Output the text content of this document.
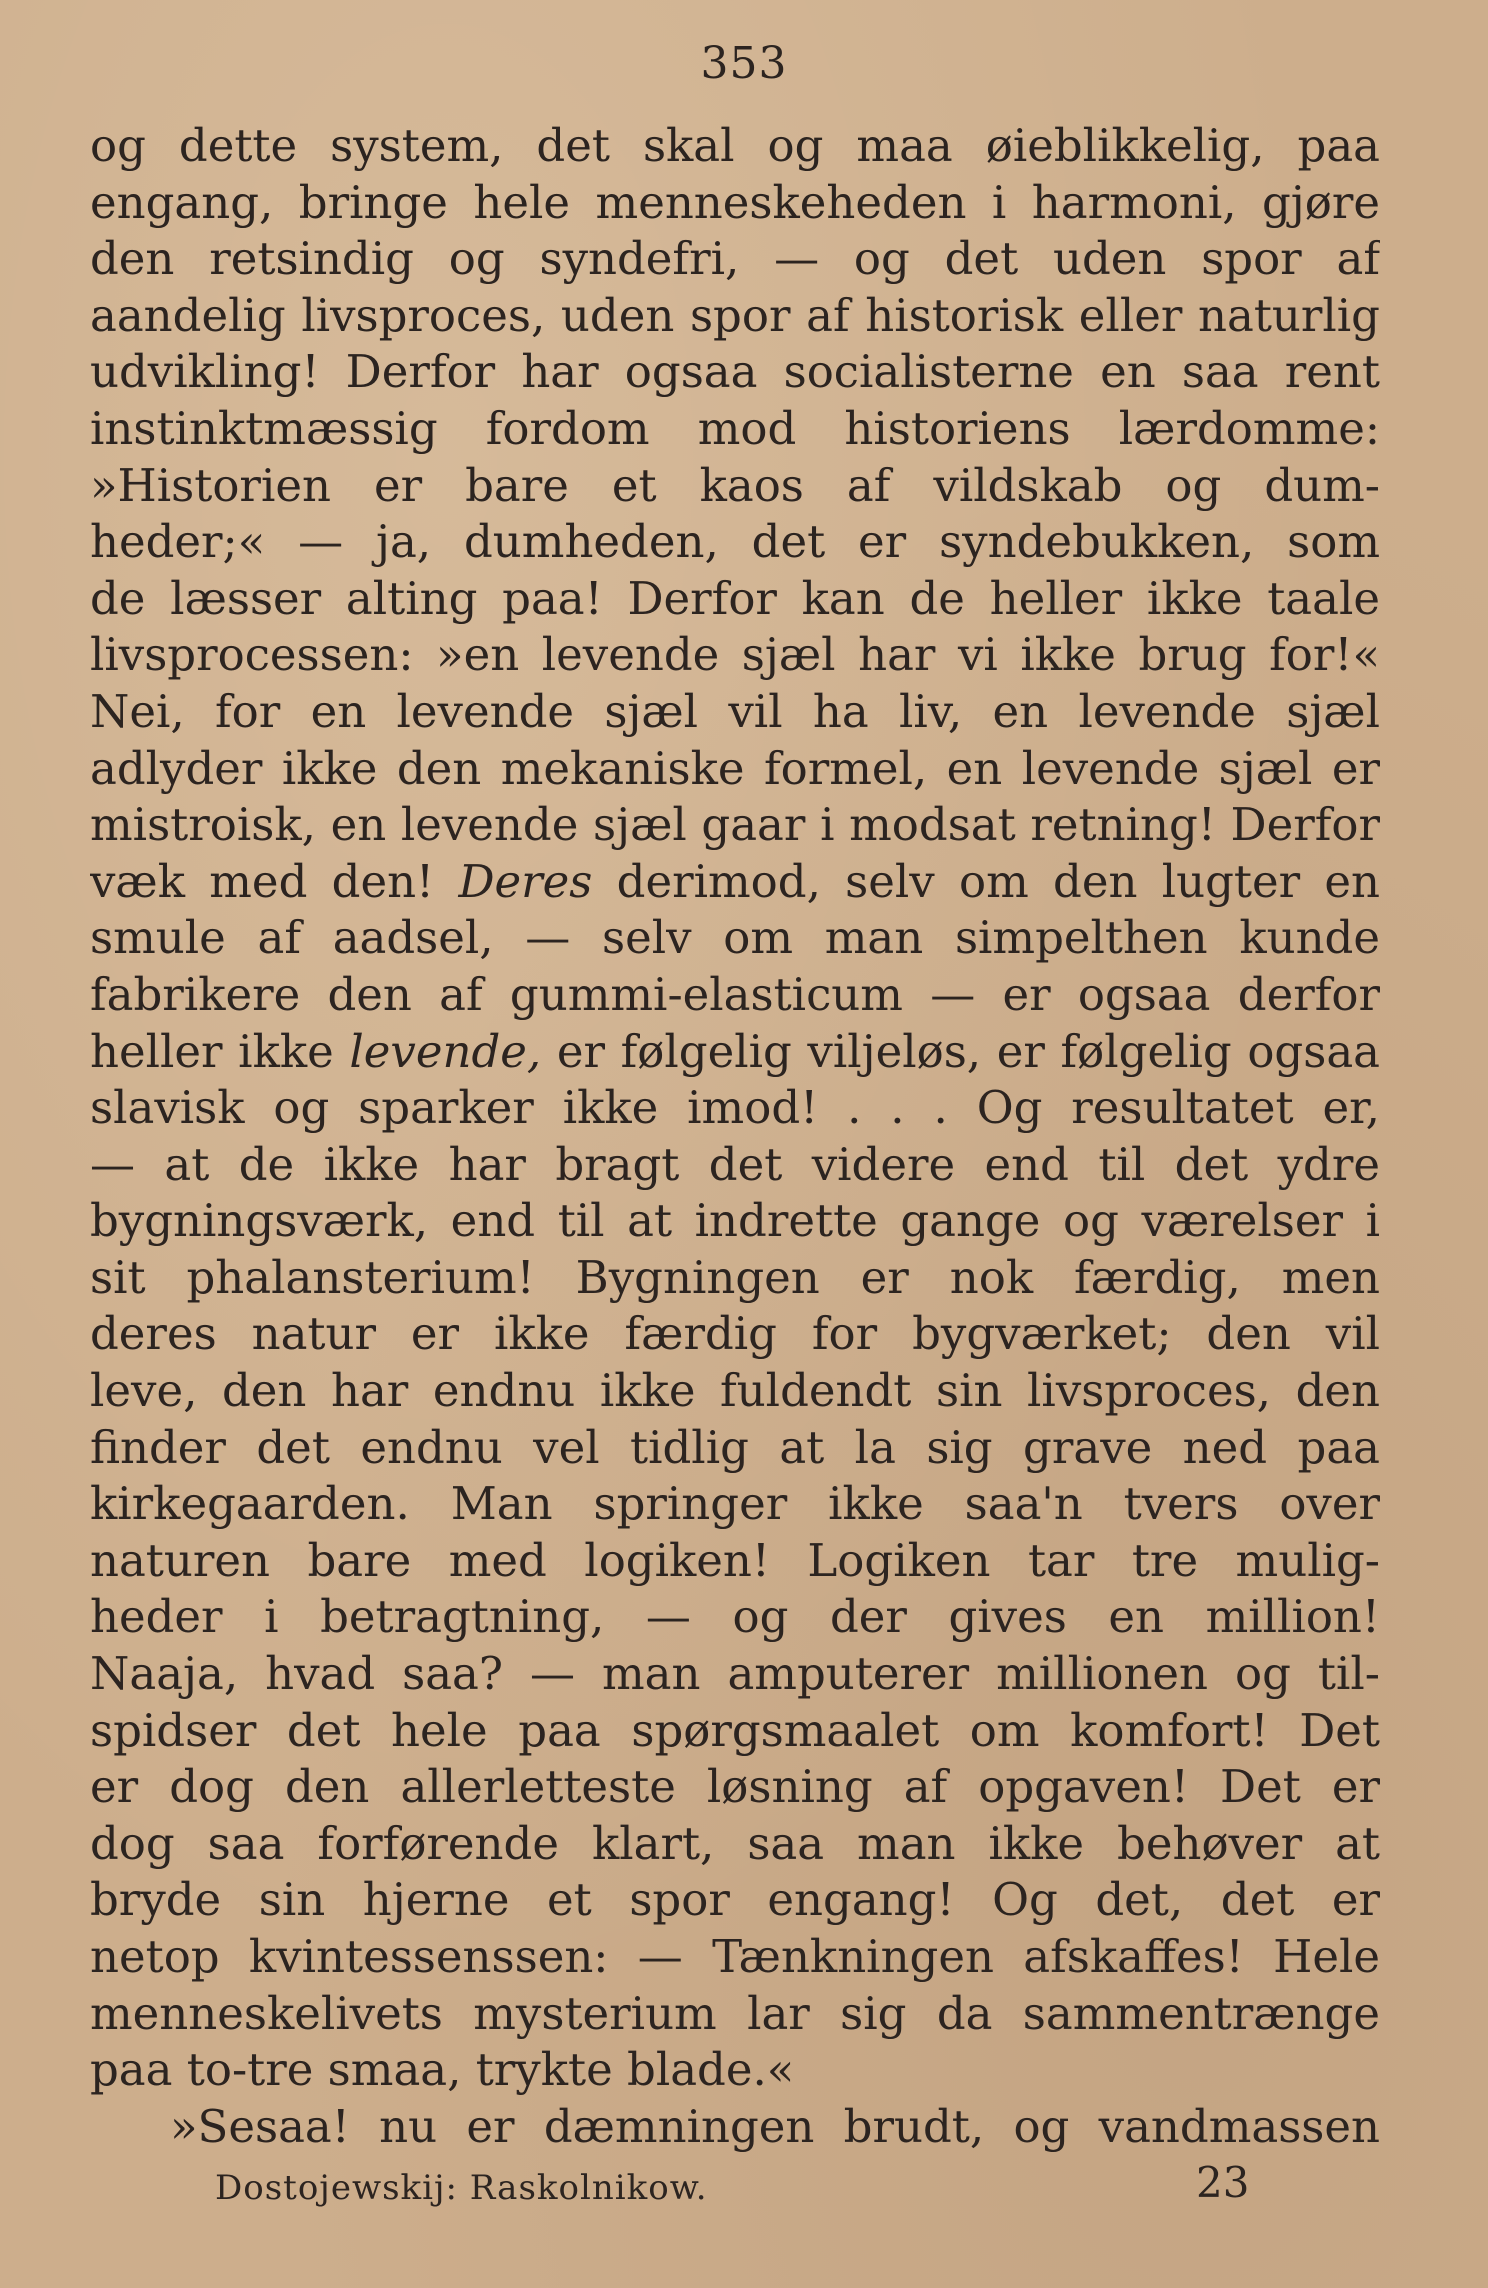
353
og dette system, det skal og maa øieblikkelig, paa
engang, bringe hele menneskeheden i harmoni, gjøre
den retsindig og syndefri, — og det uden spor af
aandelig livsproces, uden spor af historisk eller naturlig
udvikling! Derfor har ogsaa socialisterne en saa rent
instinktmæssig fordom mod historiens lærdomme:
»Historien er bare et kaos af vildskab og dum-
heder;« — ja, dumheden, det er syndebukken, som
de læsser alting paa! Derfor kan de heller ikke taale
livsprocessen: »en levende sjæl har vi ikke brug for!«
Nei, for en levende sjæl vil ha liv, en levende sjæl
adlyder ikke den mekaniske formel, en levende sjæl er
mistroisk, en levende sjæl gaar i modsat retning! Derfor
væk med den! Deres derimod, selv om den lugter en
smule af aadsel, — selv om man simpelthen kunde
fabrikere den af gummi-elasticum — er ogsaa derfor
heller ikke levende, er følgelig viljeløs, er følgelig ogsaa
slavisk og sparker ikke imod! . . . Og resultatet er,
— at de ikke har bragt det videre end til det ydre
bygningsværk, end til at indrette gange og værelser i
sit phalansterium! Bygningen er nok færdig, men
deres natur er ikke færdig for bygværket; den vil
leve, den har endnu ikke fuldendt sin livsproces, den
finder det endnu vel tidlig at la sig grave ned paa
kirkegaarden. Man springer ikke saa'n tvers over
naturen bare med logiken! Logiken tar tre mulig-
heder i betragtning, — og der gives en million!
Naaja, hvad saa? — man amputerer millionen og til-
spidser det hele paa spørgsmaalet om komfort! Det
er dog den allerletteste løsning af opgaven! Det er
dog saa forførende klart, saa man ikke behøver at
bryde sin hjerne et spor engang! Og det, det er
netop kvintessenssen: — Tænkningen afskaffes! Hele
menneskelivets mysterium lar sig da sammentrænge
paa to-tre smaa, trykte blade.«
»Sesaa! nu er dæmningen brudt, og vandmassen
Dostojewskij: Raskolnikow.	23
